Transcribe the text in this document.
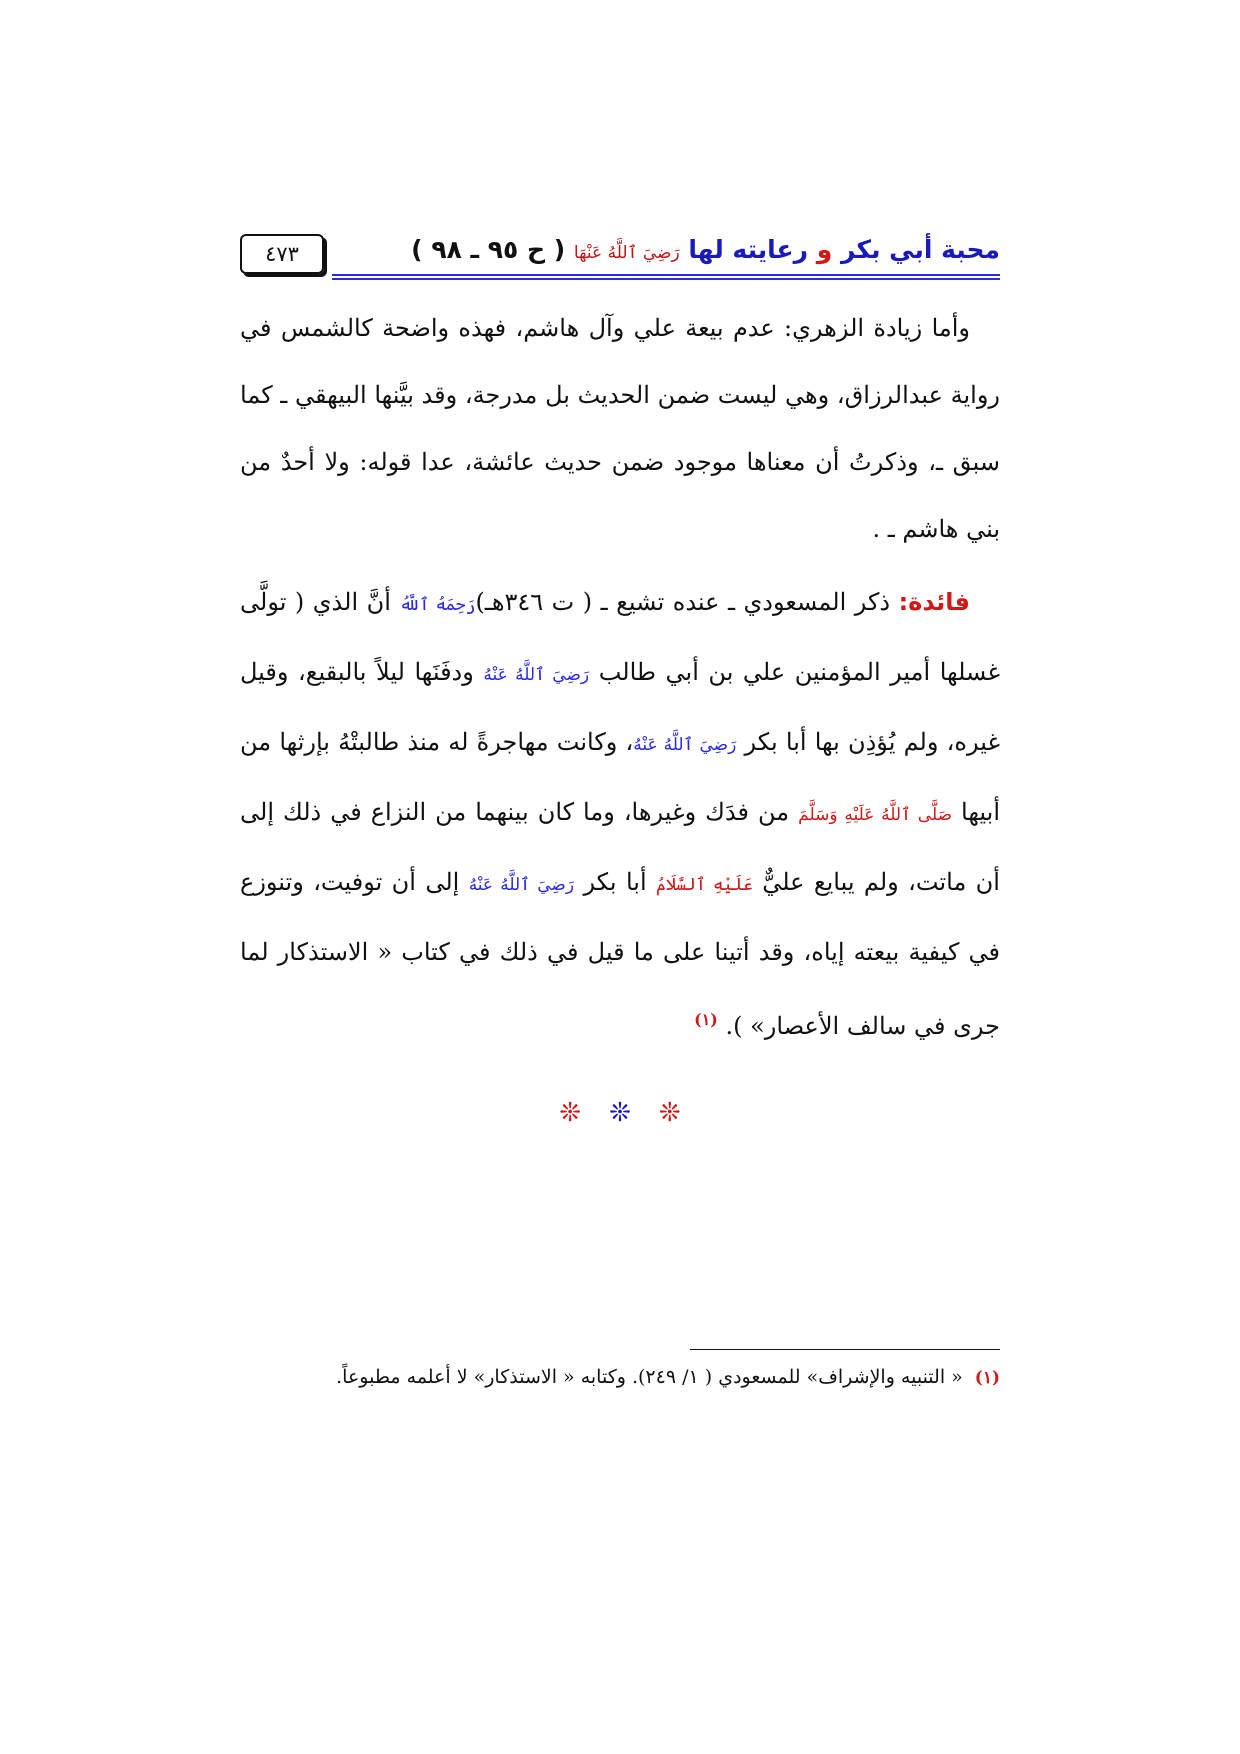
محبة أبي بكر و رعايته لها رَضِيَ ٱللَّهُ عَنْهَا ( ح ٩٥ ـ ٩٨ )
٤٧٣
وأما زيادة الزهري: عدم بيعة علي وآل هاشم، فهذه واضحة كالشمس في رواية عبدالرزاق، وهي ليست ضمن الحديث بل مدرجة، وقد بيَّنها البيهقي ـ كما سبق ـ، وذكرتُ أن معناها موجود ضمن حديث عائشة، عدا قوله: ولا أحدٌ من بني هاشم ـ .
فائدة: ذكر المسعودي ـ عنده تشيع ـ ( ت ٣٤٦هـ)رَحِمَهُ ٱللَّهُ أنَّ الذي ( تولَّى غسلها أمير المؤمنين علي بن أبي طالب رَضِيَ ٱللَّهُ عَنْهُ ودفَنَها ليلاً بالبقيع، وقيل غيره، ولم يُؤذِن بها أبا بكر رَضِيَ ٱللَّهُ عَنْهُ، وكانت مهاجرةً له منذ طالبتْهُ بإرثها من أبيها صَلَّى ٱللَّهُ عَلَيْهِ وَسَلَّمَ من فدَك وغيرها، وما كان بينهما من النزاع في ذلك إلى أن ماتت، ولم يبايع عليٌّ عَلَيْهِ ٱلسَّلَامُ أبا بكر رَضِيَ ٱللَّهُ عَنْهُ إلى أن توفيت، وتنوزع في كيفية بيعته إياه، وقد أتينا على ما قيل في ذلك في كتاب « الاستذكار لما جرى في سالف الأعصار» ). $^{(١)}$
❊❊❊
(١)« التنبيه والإشراف» للمسعودي ( ١/ ٢٤٩). وكتابه « الاستذكار» لا أعلمه مطبوعاً.
